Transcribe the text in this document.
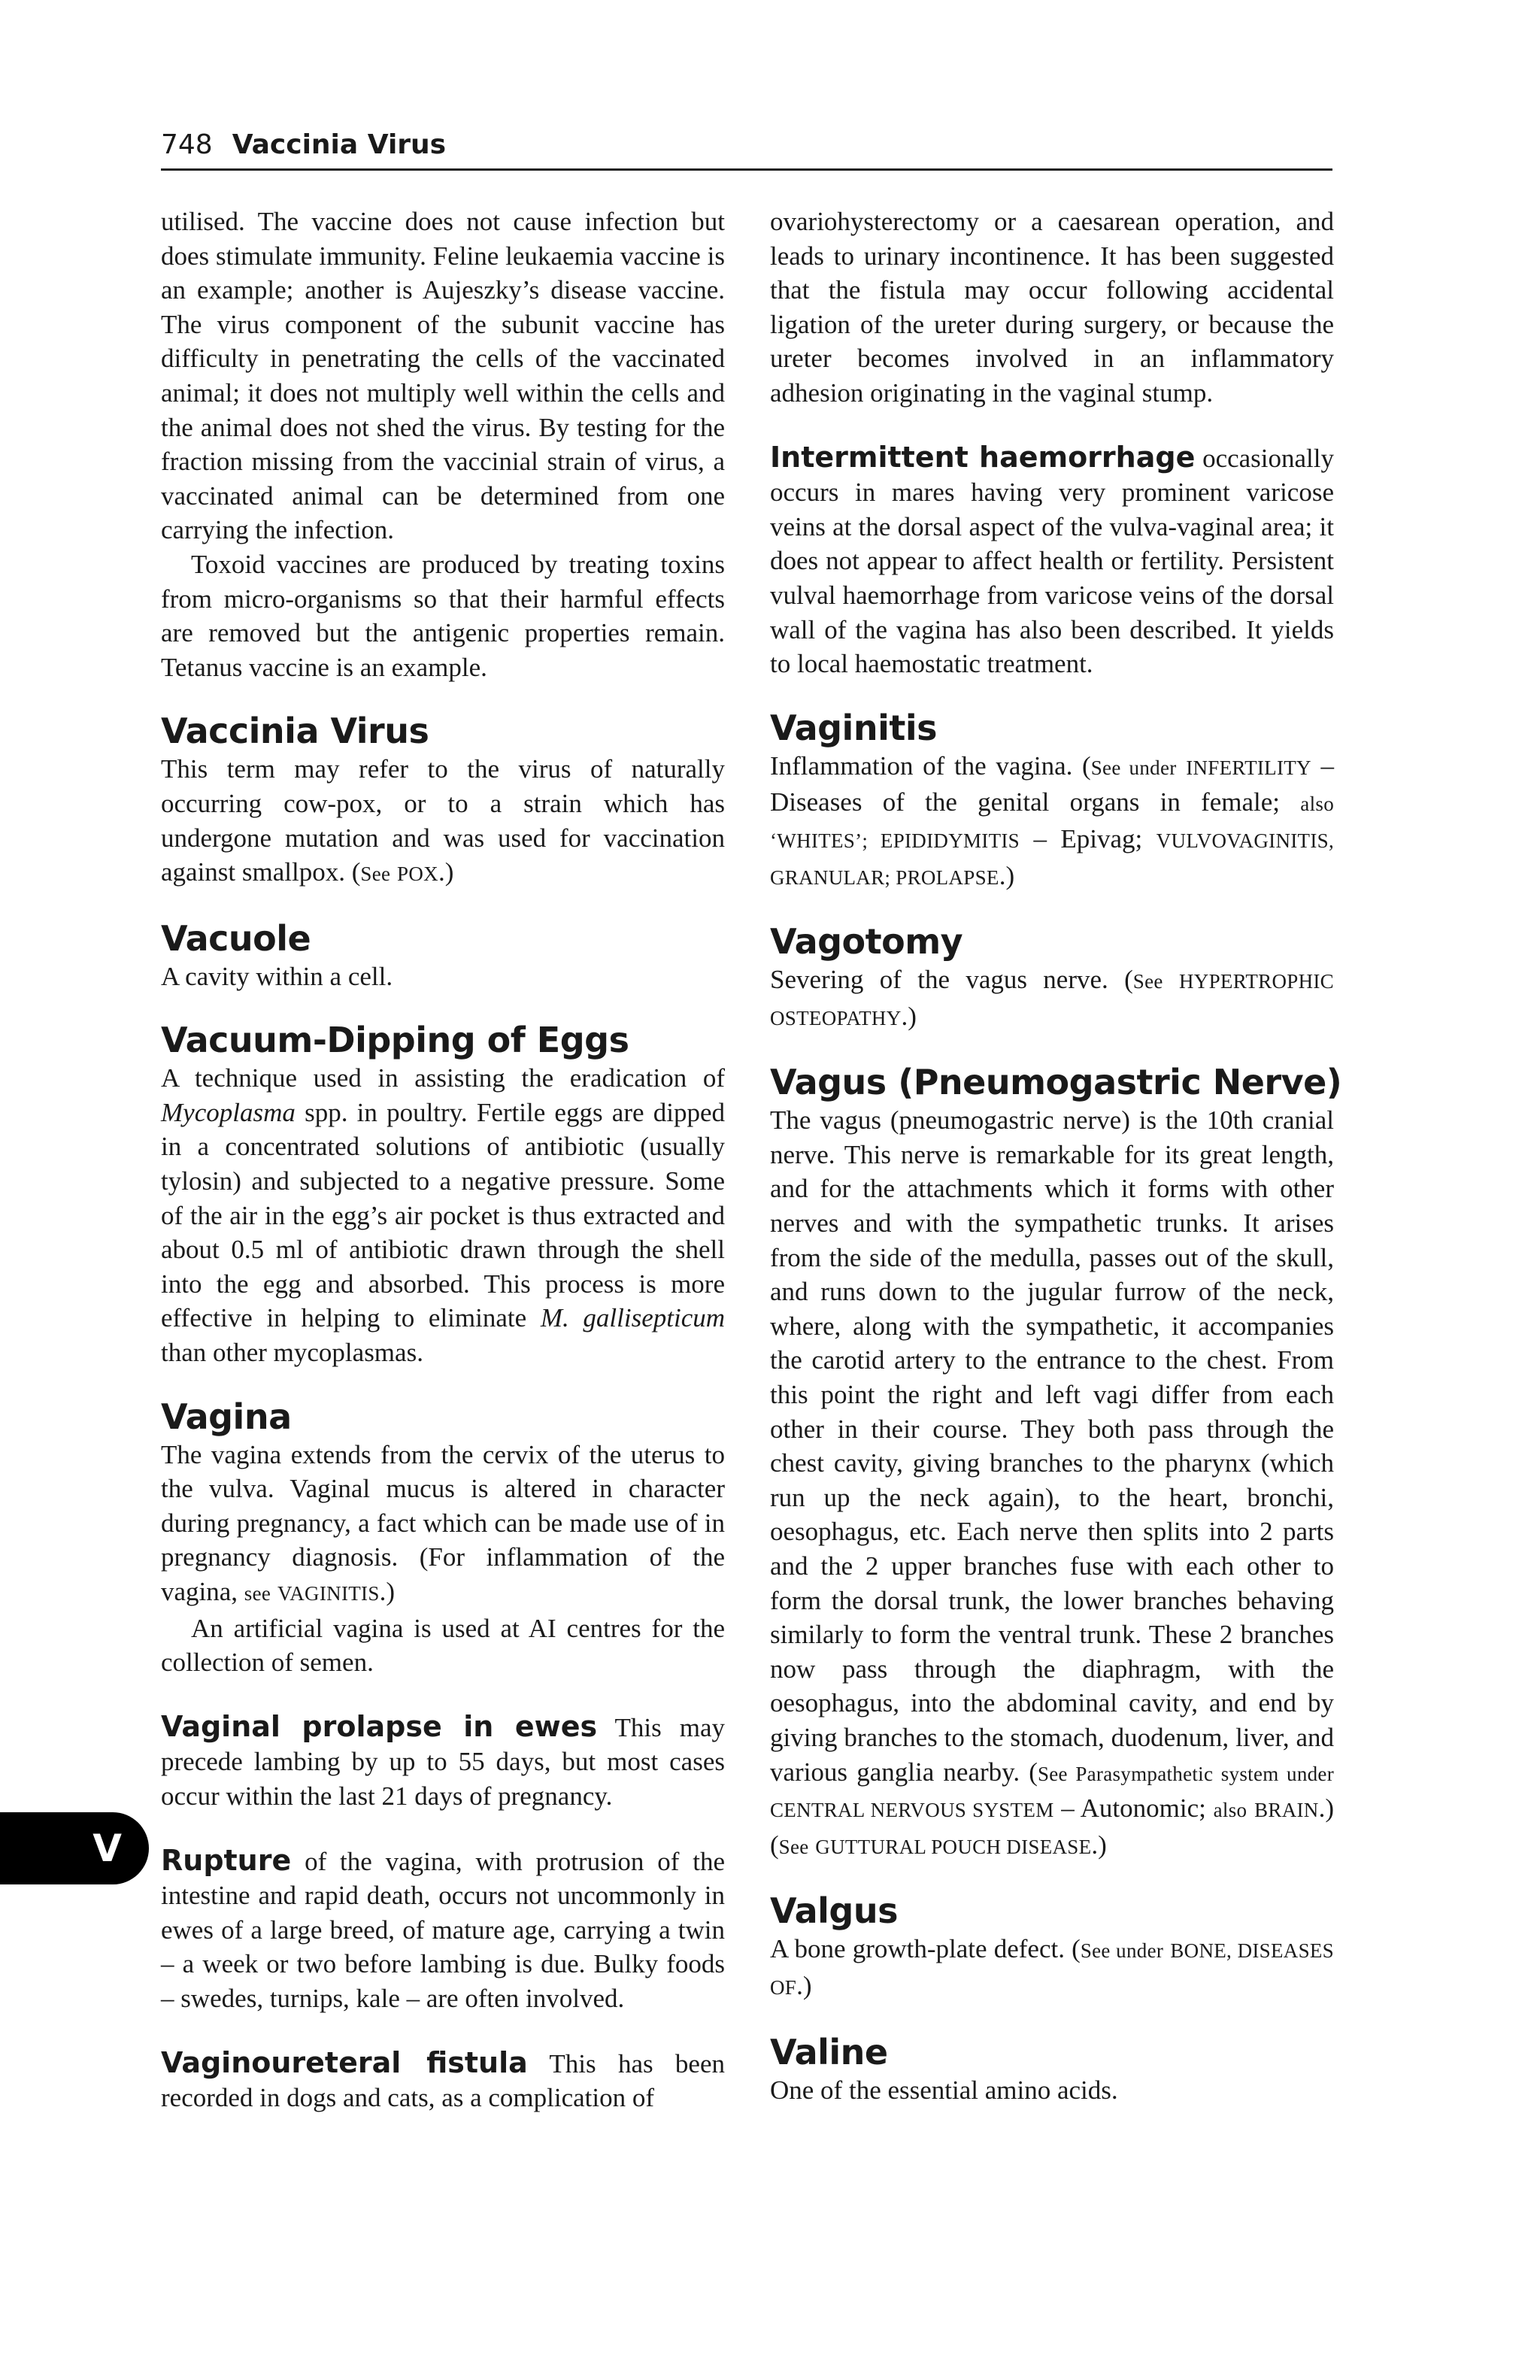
748 Vaccinia Virus

utilised. The vaccine does not cause infection but does stimulate immunity. Feline leukaemia vaccine is an example; another is Aujeszky’s disease vaccine. The virus component of the subunit vaccine has difficulty in penetrating the cells of the vaccinated animal; it does not multiply well within the cells and the animal does not shed the virus. By testing for the fraction missing from the vaccinial strain of virus, a vaccinated animal can be determined from one carrying the infection.

Toxoid vaccines are produced by treating toxins from micro-organisms so that their harmful effects are removed but the antigenic properties remain. Tetanus vaccine is an example.

Vaccinia Virus

This term may refer to the virus of naturally occurring cow-pox, or to a strain which has undergone mutation and was used for vaccination against smallpox. (See POX.)

Vacuole

A cavity within a cell.

Vacuum-Dipping of Eggs

A technique used in assisting the eradication of Mycoplasma spp. in poultry. Fertile eggs are dipped in a concentrated solutions of antibiotic (usually tylosin) and subjected to a negative pressure. Some of the air in the egg’s air pocket is thus extracted and about 0.5 ml of antibiotic drawn through the shell into the egg and absorbed. This process is more effective in helping to eliminate M. gallisepticum than other mycoplasmas.

Vagina

The vagina extends from the cervix of the uterus to the vulva. Vaginal mucus is altered in character during pregnancy, a fact which can be made use of in pregnancy diagnosis. (For inflammation of the vagina, see VAGINITIS.)

An artificial vagina is used at AI centres for the collection of semen.

Vaginal prolapse in ewes This may precede lambing by up to 55 days, but most cases occur within the last 21 days of pregnancy.

Rupture of the vagina, with protrusion of the intestine and rapid death, occurs not uncommonly in ewes of a large breed, of mature age, carrying a twin – a week or two before lambing is due. Bulky foods – swedes, turnips, kale – are often involved.

Vaginoureteral fistula This has been recorded in dogs and cats, as a complication of

ovariohysterectomy or a caesarean operation, and leads to urinary incontinence. It has been suggested that the fistula may occur following accidental ligation of the ureter during surgery, or because the ureter becomes involved in an inflammatory adhesion originating in the vaginal stump.

Intermittent haemorrhage occasionally occurs in mares having very prominent varicose veins at the dorsal aspect of the vulva-vaginal area; it does not appear to affect health or fertility. Persistent vulval haemorrhage from varicose veins of the dorsal wall of the vagina has also been described. It yields to local haemostatic treatment.

Vaginitis

Inflammation of the vagina. (See under INFERTILITY – Diseases of the genital organs in female; also ‘WHITES’; EPIDIDYMITIS – Epivag; VULVOVAGINITIS, GRANULAR; PROLAPSE.)

Vagotomy

Severing of the vagus nerve. (See HYPERTROPHIC OSTEOPATHY.)

Vagus (Pneumogastric Nerve)

The vagus (pneumogastric nerve) is the 10th cranial nerve. This nerve is remarkable for its great length, and for the attachments which it forms with other nerves and with the sympathetic trunks. It arises from the side of the medulla, passes out of the skull, and runs down to the jugular furrow of the neck, where, along with the sympathetic, it accompanies the carotid artery to the entrance to the chest. From this point the right and left vagi differ from each other in their course. They both pass through the chest cavity, giving branches to the pharynx (which run up the neck again), to the heart, bronchi, oesophagus, etc. Each nerve then splits into 2 parts and the 2 upper branches fuse with each other to form the dorsal trunk, the lower branches behaving similarly to form the ventral trunk. These 2 branches now pass through the diaphragm, with the oesophagus, into the abdominal cavity, and end by giving branches to the stomach, duodenum, liver, and various ganglia nearby. (See Parasympathetic system under CENTRAL NERVOUS SYSTEM – Autonomic; also BRAIN.) (See GUTTURAL POUCH DISEASE.)

Valgus

A bone growth-plate defect. (See under BONE, DISEASES OF.)

Valine

One of the essential amino acids.

V
